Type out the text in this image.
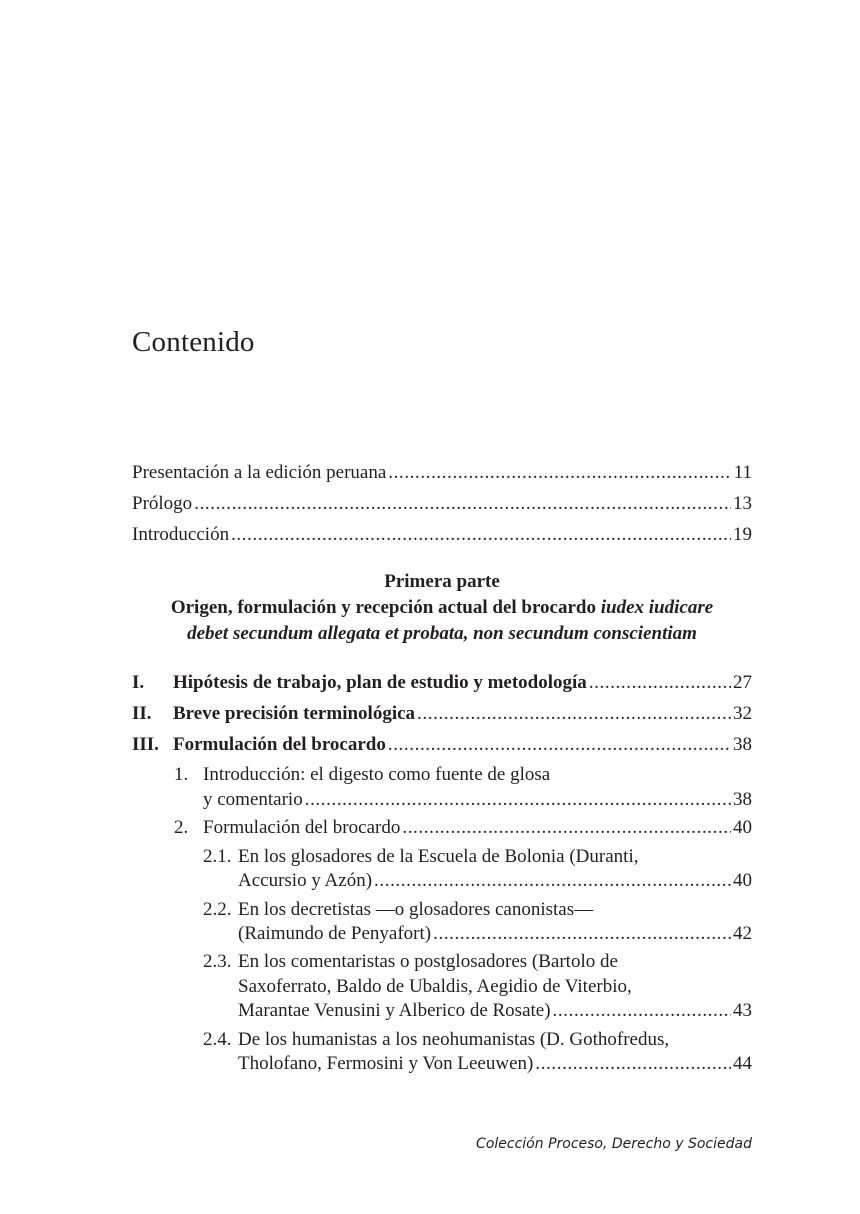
Contenido
Presentación a la edición peruana .....	11
Prólogo .....	13
Introducción .....	19
Primera parte
Origen, formulación y recepción actual del brocardo iudex iudicare
debet secundum allegata et probata, non secundum conscientiam
I. Hipótesis de trabajo, plan de estudio y metodología .....	27
II. Breve precisión terminológica .....	32
III. Formulación del brocardo .....	38
1. Introducción: el digesto como fuente de glosa
y comentario .....	38
2. Formulación del brocardo .....	40
2.1. En los glosadores de la Escuela de Bolonia (Duranti,
Accursio y Azón) .....	40
2.2. En los decretistas —o glosadores canonistas—
(Raimundo de Penyafort) .....	42
2.3. En los comentaristas o postglosadores (Bartolo de
Saxoferrato, Baldo de Ubaldis, Aegidio de Viterbio,
Marantae Venusini y Alberico de Rosate) .....	43
2.4. De los humanistas a los neohumanistas (D. Gothofredus,
Tholofano, Fermosini y Von Leeuwen) .....	44
Colección Proceso, Derecho y Sociedad
